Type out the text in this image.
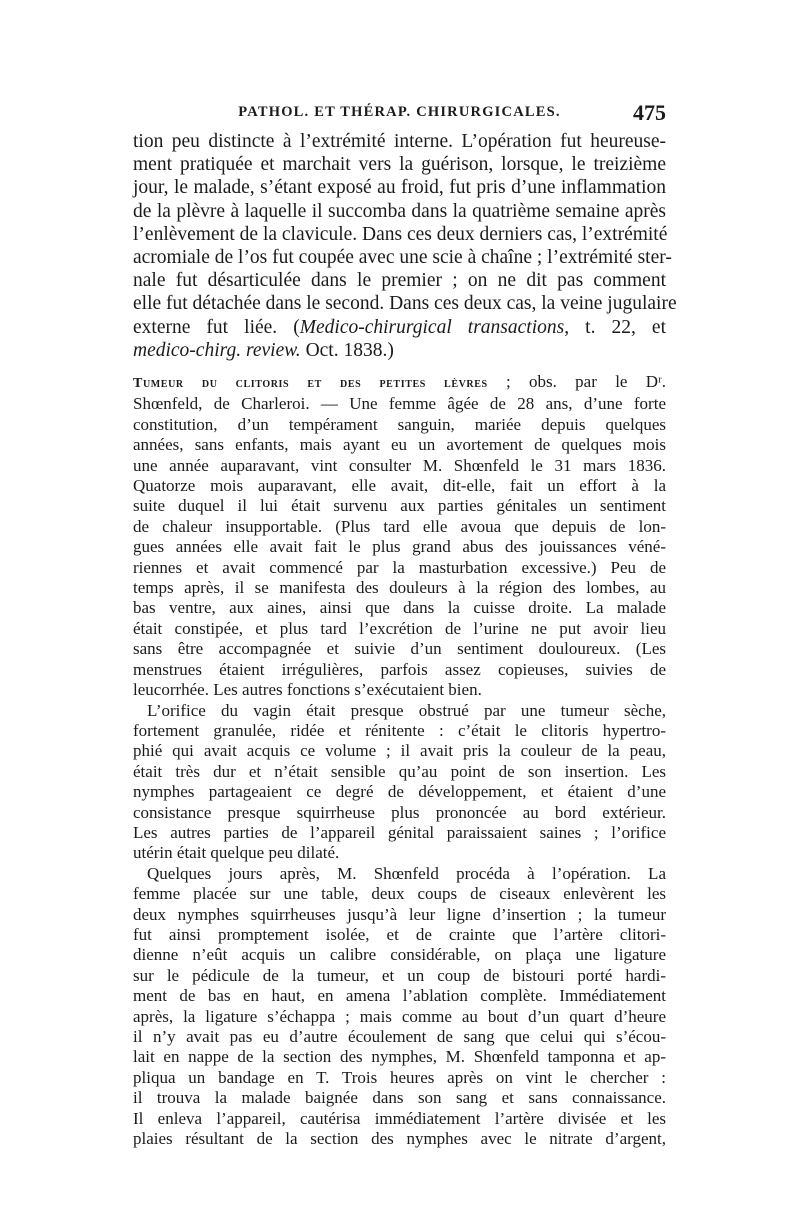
PATHOL. ET THÉRAP. CHIRURGICALES.	475
tion peu distincte à l’extrémité interne. L’opération fut heureuse-
ment pratiquée et marchait vers la guérison, lorsque, le treizième
jour, le malade, s’étant exposé au froid, fut pris d’une inflammation
de la plèvre à laquelle il succomba dans la quatrième semaine après
l’enlèvement de la clavicule. Dans ces deux derniers cas, l’extrémité
acromiale de l’os fut coupée avec une scie à chaîne ; l’extrémité ster-
nale fut désarticulée dans le premier ; on ne dit pas comment
elle fut détachée dans le second. Dans ces deux cas, la veine jugulaire
externe fut liée. (Medico-chirurgical transactions, t. 22, et
medico-chirg. review. Oct. 1838.)
Tumeur du clitoris et des petites lèvres ; obs. par le Dʳ.
Shœnfeld, de Charleroi. — Une femme âgée de 28 ans, d’une forte
constitution, d’un tempérament sanguin, mariée depuis quelques
années, sans enfants, mais ayant eu un avortement de quelques mois
une année auparavant, vint consulter M. Shœnfeld le 31 mars 1836.
Quatorze mois auparavant, elle avait, dit-elle, fait un effort à la
suite duquel il lui était survenu aux parties génitales un sentiment
de chaleur insupportable. (Plus tard elle avoua que depuis de lon-
gues années elle avait fait le plus grand abus des jouissances véné-
riennes et avait commencé par la masturbation excessive.) Peu de
temps après, il se manifesta des douleurs à la région des lombes, au
bas ventre, aux aines, ainsi que dans la cuisse droite. La malade
était constipée, et plus tard l’excrétion de l’urine ne put avoir lieu
sans être accompagnée et suivie d’un sentiment douloureux. (Les
menstrues étaient irrégulières, parfois assez copieuses, suivies de
leucorrhée. Les autres fonctions s’exécutaient bien.
L’orifice du vagin était presque obstrué par une tumeur sèche,
fortement granulée, ridée et rénitente : c’était le clitoris hypertro-
phié qui avait acquis ce volume ; il avait pris la couleur de la peau,
était très dur et n’était sensible qu’au point de son insertion. Les
nymphes partageaient ce degré de développement, et étaient d’une
consistance presque squirrheuse plus prononcée au bord extérieur.
Les autres parties de l’appareil génital paraissaient saines ; l’orifice
utérin était quelque peu dilaté.
Quelques jours après, M. Shœnfeld procéda à l’opération. La
femme placée sur une table, deux coups de ciseaux enlevèrent les
deux nymphes squirrheuses jusqu’à leur ligne d’insertion ; la tumeur
fut ainsi promptement isolée, et de crainte que l’artère clitori-
dienne n’eût acquis un calibre considérable, on plaça une ligature
sur le pédicule de la tumeur, et un coup de bistouri porté hardi-
ment de bas en haut, en amena l’ablation complète. Immédiatement
après, la ligature s’échappa ; mais comme au bout d’un quart d’heure
il n’y avait pas eu d’autre écoulement de sang que celui qui s’écou-
lait en nappe de la section des nymphes, M. Shœnfeld tamponna et ap-
pliqua un bandage en T. Trois heures après on vint le chercher :
il trouva la malade baignée dans son sang et sans connaissance.
Il enleva l’appareil, cautérisa immédiatement l’artère divisée et les
plaies résultant de la section des nymphes avec le nitrate d’argent,
